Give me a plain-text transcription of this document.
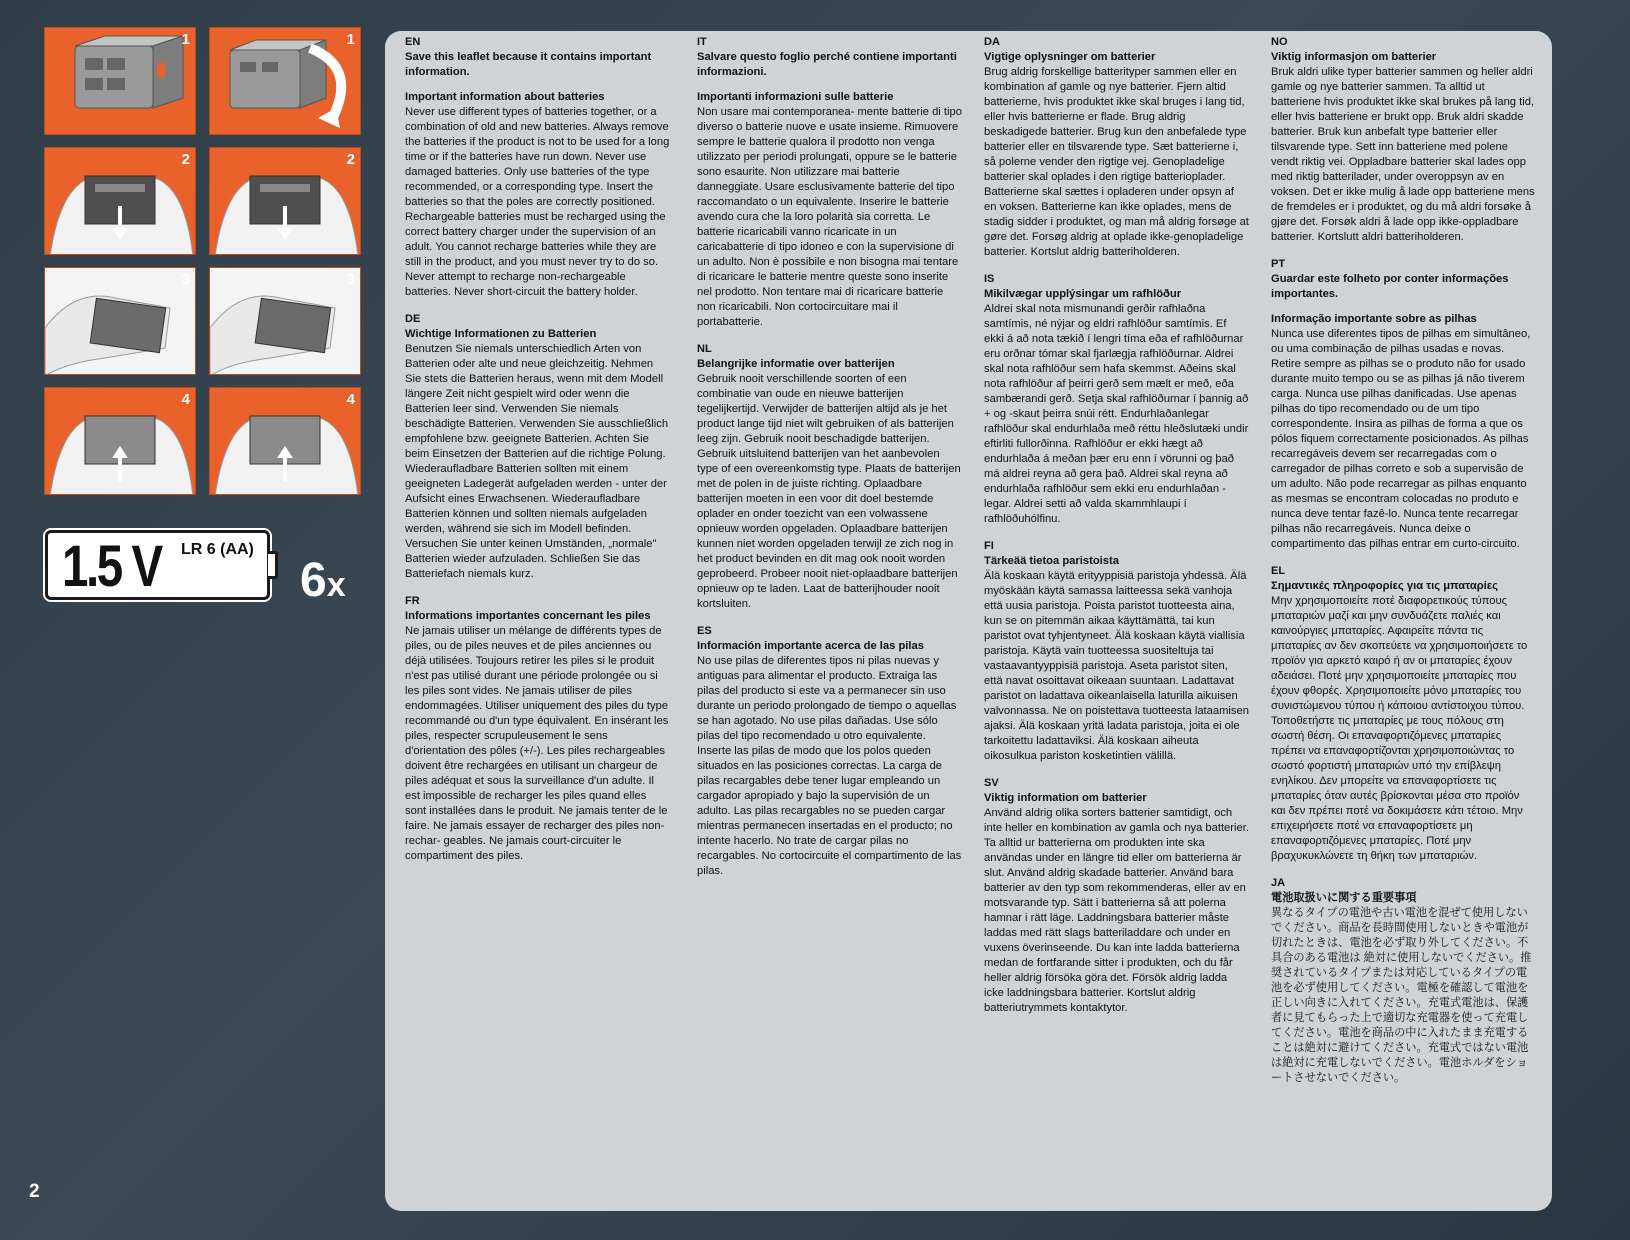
1	1
2	2
3	3
4	4
1.5 V LR 6 (AA)
6x
EN
Save this leaflet because it contains important information.
Important information about batteries
Never use different types of batteries together, or a combination of old and new batteries. Always remove the batteries if the product is not to be used for a long time or if the batteries have run down. Never use damaged batteries. Only use batteries of the type recommended, or a corresponding type. Insert the batteries so that the poles are correctly positioned. Rechargeable batteries must be recharged using the correct battery charger under the supervision of an adult. You cannot recharge batteries while they are still in the product, and you must never try to do so. Never attempt to recharge non-rechargeable batteries. Never short-circuit the battery holder.
DE
Wichtige Informationen zu Batterien
Benutzen Sie niemals unterschiedlich Arten von Batterien oder alte und neue gleichzeitig. Nehmen Sie stets die Batterien heraus, wenn mit dem Modell längere Zeit nicht gespielt wird oder wenn die Batterien leer sind. Verwenden Sie niemals beschädigte Batterien. Verwenden Sie ausschließlich empfohlene bzw. geeignete Batterien. Achten Sie beim Einsetzen der Batterien auf die richtige Polung. Wiederaufladbare Batterien sollten mit einem geeigneten Ladegerät aufgeladen werden - unter der Aufsicht eines Erwachsenen. Wiederaufladbare Batterien können und sollten niemals aufgeladen werden, während sie sich im Modell befinden. Versuchen Sie unter keinen Umständen, „normale" Batterien wieder aufzuladen. Schließen Sie das Batteriefach niemals kurz.
FR
Informations importantes concernant les piles
Ne jamais utiliser un mélange de différents types de piles, ou de piles neuves et de piles anciennes ou déjà utilisées. Toujours retirer les piles si le produit n'est pas utilisé durant une période prolongée ou si les piles sont vides. Ne jamais utiliser de piles endommagées. Utiliser uniquement des piles du type recommandé ou d'un type équivalent. En insérant les piles, respecter scrupuleusement le sens d'orientation des pôles (+/-). Les piles rechargeables doivent être rechargées en utilisant un chargeur de piles adéquat et sous la surveillance d'un adulte. Il est impossible de recharger les piles quand elles sont installées dans le produit. Ne jamais tenter de le faire. Ne jamais essayer de recharger des piles non-rechar- geables. Ne jamais court-circuiter le compartiment des piles.
IT
Salvare questo foglio perché contiene importanti informazioni.
Importanti informazioni sulle batterie
Non usare mai contemporanea- mente batterie di tipo diverso o batterie nuove e usate insieme. Rimuovere sempre le batterie qualora il prodotto non venga utilizzato per periodi prolungati, oppure se le batterie sono esaurite. Non utilizzare mai batterie danneggiate. Usare esclusivamente batterie del tipo raccomandato o un equivalente. Inserire le batterie avendo cura che la loro polarità sia corretta. Le batterie ricaricabili vanno ricaricate in un caricabatterie di tipo idoneo e con la supervisione di un adulto. Non è possibile e non bisogna mai tentare di ricaricare le batterie mentre queste sono inserite nel prodotto. Non tentare mai di ricaricare batterie non ricaricabili. Non cortocircuitare mai il portabatterie.
NL
Belangrijke informatie over batterijen
Gebruik nooit verschillende soorten of een combinatie van oude en nieuwe batterijen tegelijkertijd. Verwijder de batterijen altijd als je het product lange tijd niet wilt gebruiken of als batterijen leeg zijn. Gebruik nooit beschadigde batterijen. Gebruik uitsluitend batterijen van het aanbevolen type of een overeenkomstig type. Plaats de batterijen met de polen in de juiste richting. Oplaadbare batterijen moeten in een voor dit doel bestemde oplader en onder toezicht van een volwassene opnieuw worden opgeladen. Oplaadbare batterijen kunnen niet worden opgeladen terwijl ze zich nog in het product bevinden en dit mag ook nooit worden geprobeerd. Probeer nooit niet-oplaadbare batterijen opnieuw op te laden. Laat de batterijhouder nooit kortsluiten.
ES
Información importante acerca de las pilas
No use pilas de diferentes tipos ni pilas nuevas y antiguas para alimentar el producto. Extraiga las pilas del producto si este va a permanecer sin uso durante un periodo prolongado de tiempo o aquellas se han agotado. No use pilas dañadas. Use sólo pilas del tipo recomendado u otro equivalente. Inserte las pilas de modo que los polos queden situados en las posiciones correctas. La carga de pilas recargables debe tener lugar empleando un cargador apropiado y bajo la supervisión de un adulto. Las pilas recargables no se pueden cargar mientras permanecen insertadas en el producto; no intente hacerlo. No trate de cargar pilas no recargables. No cortocircuite el compartimento de las pilas.
DA
Vigtige oplysninger om batterier
Brug aldrig forskellige batterityper sammen eller en kombination af gamle og nye batterier. Fjern altid batterierne, hvis produktet ikke skal bruges i lang tid, eller hvis batterierne er flade. Brug aldrig beskadigede batterier. Brug kun den anbefalede type batterier eller en tilsvarende type. Sæt batterierne i, så polerne vender den rigtige vej. Genopladelige batterier skal oplades i den rigtige batterioplader. Batterierne skal sættes i opladeren under opsyn af en voksen. Batterierne kan ikke oplades, mens de stadig sidder i produktet, og man må aldrig forsøge at gøre det. Forsøg aldrig at oplade ikke-genopladelige batterier. Kortslut aldrig batteriholderen.
IS
Mikilvægar upplýsingar um rafhlöður
Aldrei skal nota mismunandi gerðir rafhlaðna samtímis, né nýjar og eldri rafhlöður samtímis. Ef ekki á að nota tækið í lengri tíma eða ef rafhlöðurnar eru orðnar tómar skal fjarlægja rafhlöðurnar. Aldrei skal nota rafhlöður sem hafa skemmst. Aðeins skal nota rafhlöður af þeirri gerð sem mælt er með, eða sambærandi gerð. Setja skal rafhlöðurnar í þannig að + og -skaut þeirra snúi rétt. Endurhlaðanlegar rafhlöður skal endurhlaða með réttu hleðslutæki undir eftirliti fullorðinna. Rafhlöður er ekki hægt að endurhlaða á meðan þær eru enn í vörunni og það má aldrei reyna að gera það. Aldrei skal reyna að endurhlaða rafhlöður sem ekki eru endurhlaðan -legar. Aldrei setti að valda skammhlaupi í rafhlöðuhólfinu.
FI
Tärkeää tietoa paristoista
Älä koskaan käytä erityyppisiä paristoja yhdessä. Älä myöskään käytä samassa laitteessa sekä vanhoja että uusia paristoja. Poista paristot tuotteesta aina, kun se on pitemmän aikaa käyttämättä, tai kun paristot ovat tyhjentyneet. Älä koskaan käytä viallisia paristoja. Käytä vain tuotteessa suositeltuja tai vastaavantyyppisiä paristoja. Aseta paristot siten, että navat osoittavat oikeaan suuntaan. Ladattavat paristot on ladattava oikeanlaisella laturilla aikuisen valvonnassa. Ne on poistettava tuotteesta lataamisen ajaksi. Älä koskaan yritä ladata paristoja, joita ei ole tarkoitettu ladattaviksi. Älä koskaan aiheuta oikosulkua pariston kosketintien välillä.
SV
Viktig information om batterier
Använd aldrig olika sorters batterier samtidigt, och inte heller en kombination av gamla och nya batterier. Ta alltid ur batterierna om produkten inte ska användas under en längre tid eller om batterierna är slut. Använd aldrig skadade batterier. Använd bara batterier av den typ som rekommenderas, eller av en motsvarande typ. Sätt i batterierna så att polerna hamnar i rätt läge. Laddningsbara batterier måste laddas med rätt slags batteriladdare och under en vuxens överinseende. Du kan inte ladda batterierna medan de fortfarande sitter i produkten, och du får heller aldrig försöka göra det. Försök aldrig ladda icke laddningsbara batterier. Kortslut aldrig batteriutrymmets kontaktytor.
NO
Viktig informasjon om batterier
Bruk aldri ulike typer batterier sammen og heller aldri gamle og nye batterier sammen. Ta alltid ut batteriene hvis produktet ikke skal brukes på lang tid, eller hvis batteriene er brukt opp. Bruk aldri skadde batterier. Bruk kun anbefalt type batterier eller tilsvarende type. Sett inn batteriene med polene vendt riktig vei. Oppladbare batterier skal lades opp med riktig batterilader, under overoppsyn av en voksen. Det er ikke mulig å lade opp batteriene mens de fremdeles er i produktet, og du må aldri forsøke å gjøre det. Forsøk aldri å lade opp ikke-oppladbare batterier. Kortslutt aldri batteriholderen.
PT
Guardar este folheto por conter informações importantes.
Informação importante sobre as pilhas
Nunca use diferentes tipos de pilhas em simultâneo, ou uma combinação de pilhas usadas e novas. Retire sempre as pilhas se o produto não for usado durante muito tempo ou se as pilhas já não tiverem carga. Nunca use pilhas danificadas. Use apenas pilhas do tipo recomendado ou de um tipo correspondente. Insira as pilhas de forma a que os pólos fiquem correctamente posicionados. As pilhas recarregáveis devem ser recarregadas com o carregador de pilhas correto e sob a supervisão de um adulto. Não pode recarregar as pilhas enquanto as mesmas se encontram colocadas no produto e nunca deve tentar fazê-lo. Nunca tente recarregar pilhas não recarregáveis. Nunca deixe o compartimento das pilhas entrar em curto-circuito.
EL
Σημαντικές πληροφορίες για τις μπαταρίες
Μην χρησιμοποιείτε ποτέ διαφορετικούς τύπους μπαταριών μαζί και μην συνδυάζετε παλιές και καινούργιες μπαταρίες. Αφαιρείτε πάντα τις μπαταρίες αν δεν σκοπεύετε να χρησιμοποιήσετε το προϊόν για αρκετό καιρό ή αν οι μπαταρίες έχουν αδειάσει. Ποτέ μην χρησιμοποιείτε μπαταρίες που έχουν φθορές. Χρησιμοποιείτε μόνο μπαταρίες του συνιστώμενου τύπου ή κάποιου αντίστοιχου τύπου. Τοποθετήστε τις μπαταρίες με τους πόλους στη σωστή θέση. Οι επαναφορτιζόμενες μπαταρίες πρέπει να επαναφορτίζονται χρησιμοποιώντας το σωστό φορτιστή μπαταριών υπό την επίβλεψη ενηλίκου. Δεν μπορείτε να επαναφορτίσετε τις μπαταρίες όταν αυτές βρίσκονται μέσα στο προϊόν και δεν πρέπει ποτέ να δοκιμάσετε κάτι τέτοιο. Μην επιχειρήσετε ποτέ να επαναφορτίσετε μη επαναφορτιζόμενες μπαταρίες. Ποτέ μην βραχυκυκλώνετε τη θήκη των μπαταριών.
JA
電池取扱いに関する重要事項
異なるタイプの電池や古い電池を混ぜて使用しないでください。商品を長時間使用しないときや電池が切れたときは、電池を必ず取り外してください。不具合のある電池は 絶対に使用しないでください。推奨されているタイプまたは対応しているタイプの電池を必ず使用してください。電極を確認して電池を正しい向きに入れてください。充電式電池は、保護者に見てもらった上で適切な充電器を使って充電してください。電池を商品の中に入れたまま充電することは絶対に避けてください。充電式ではない電池は絶対に充電しないでください。電池ホルダをショートさせないでください。
2
